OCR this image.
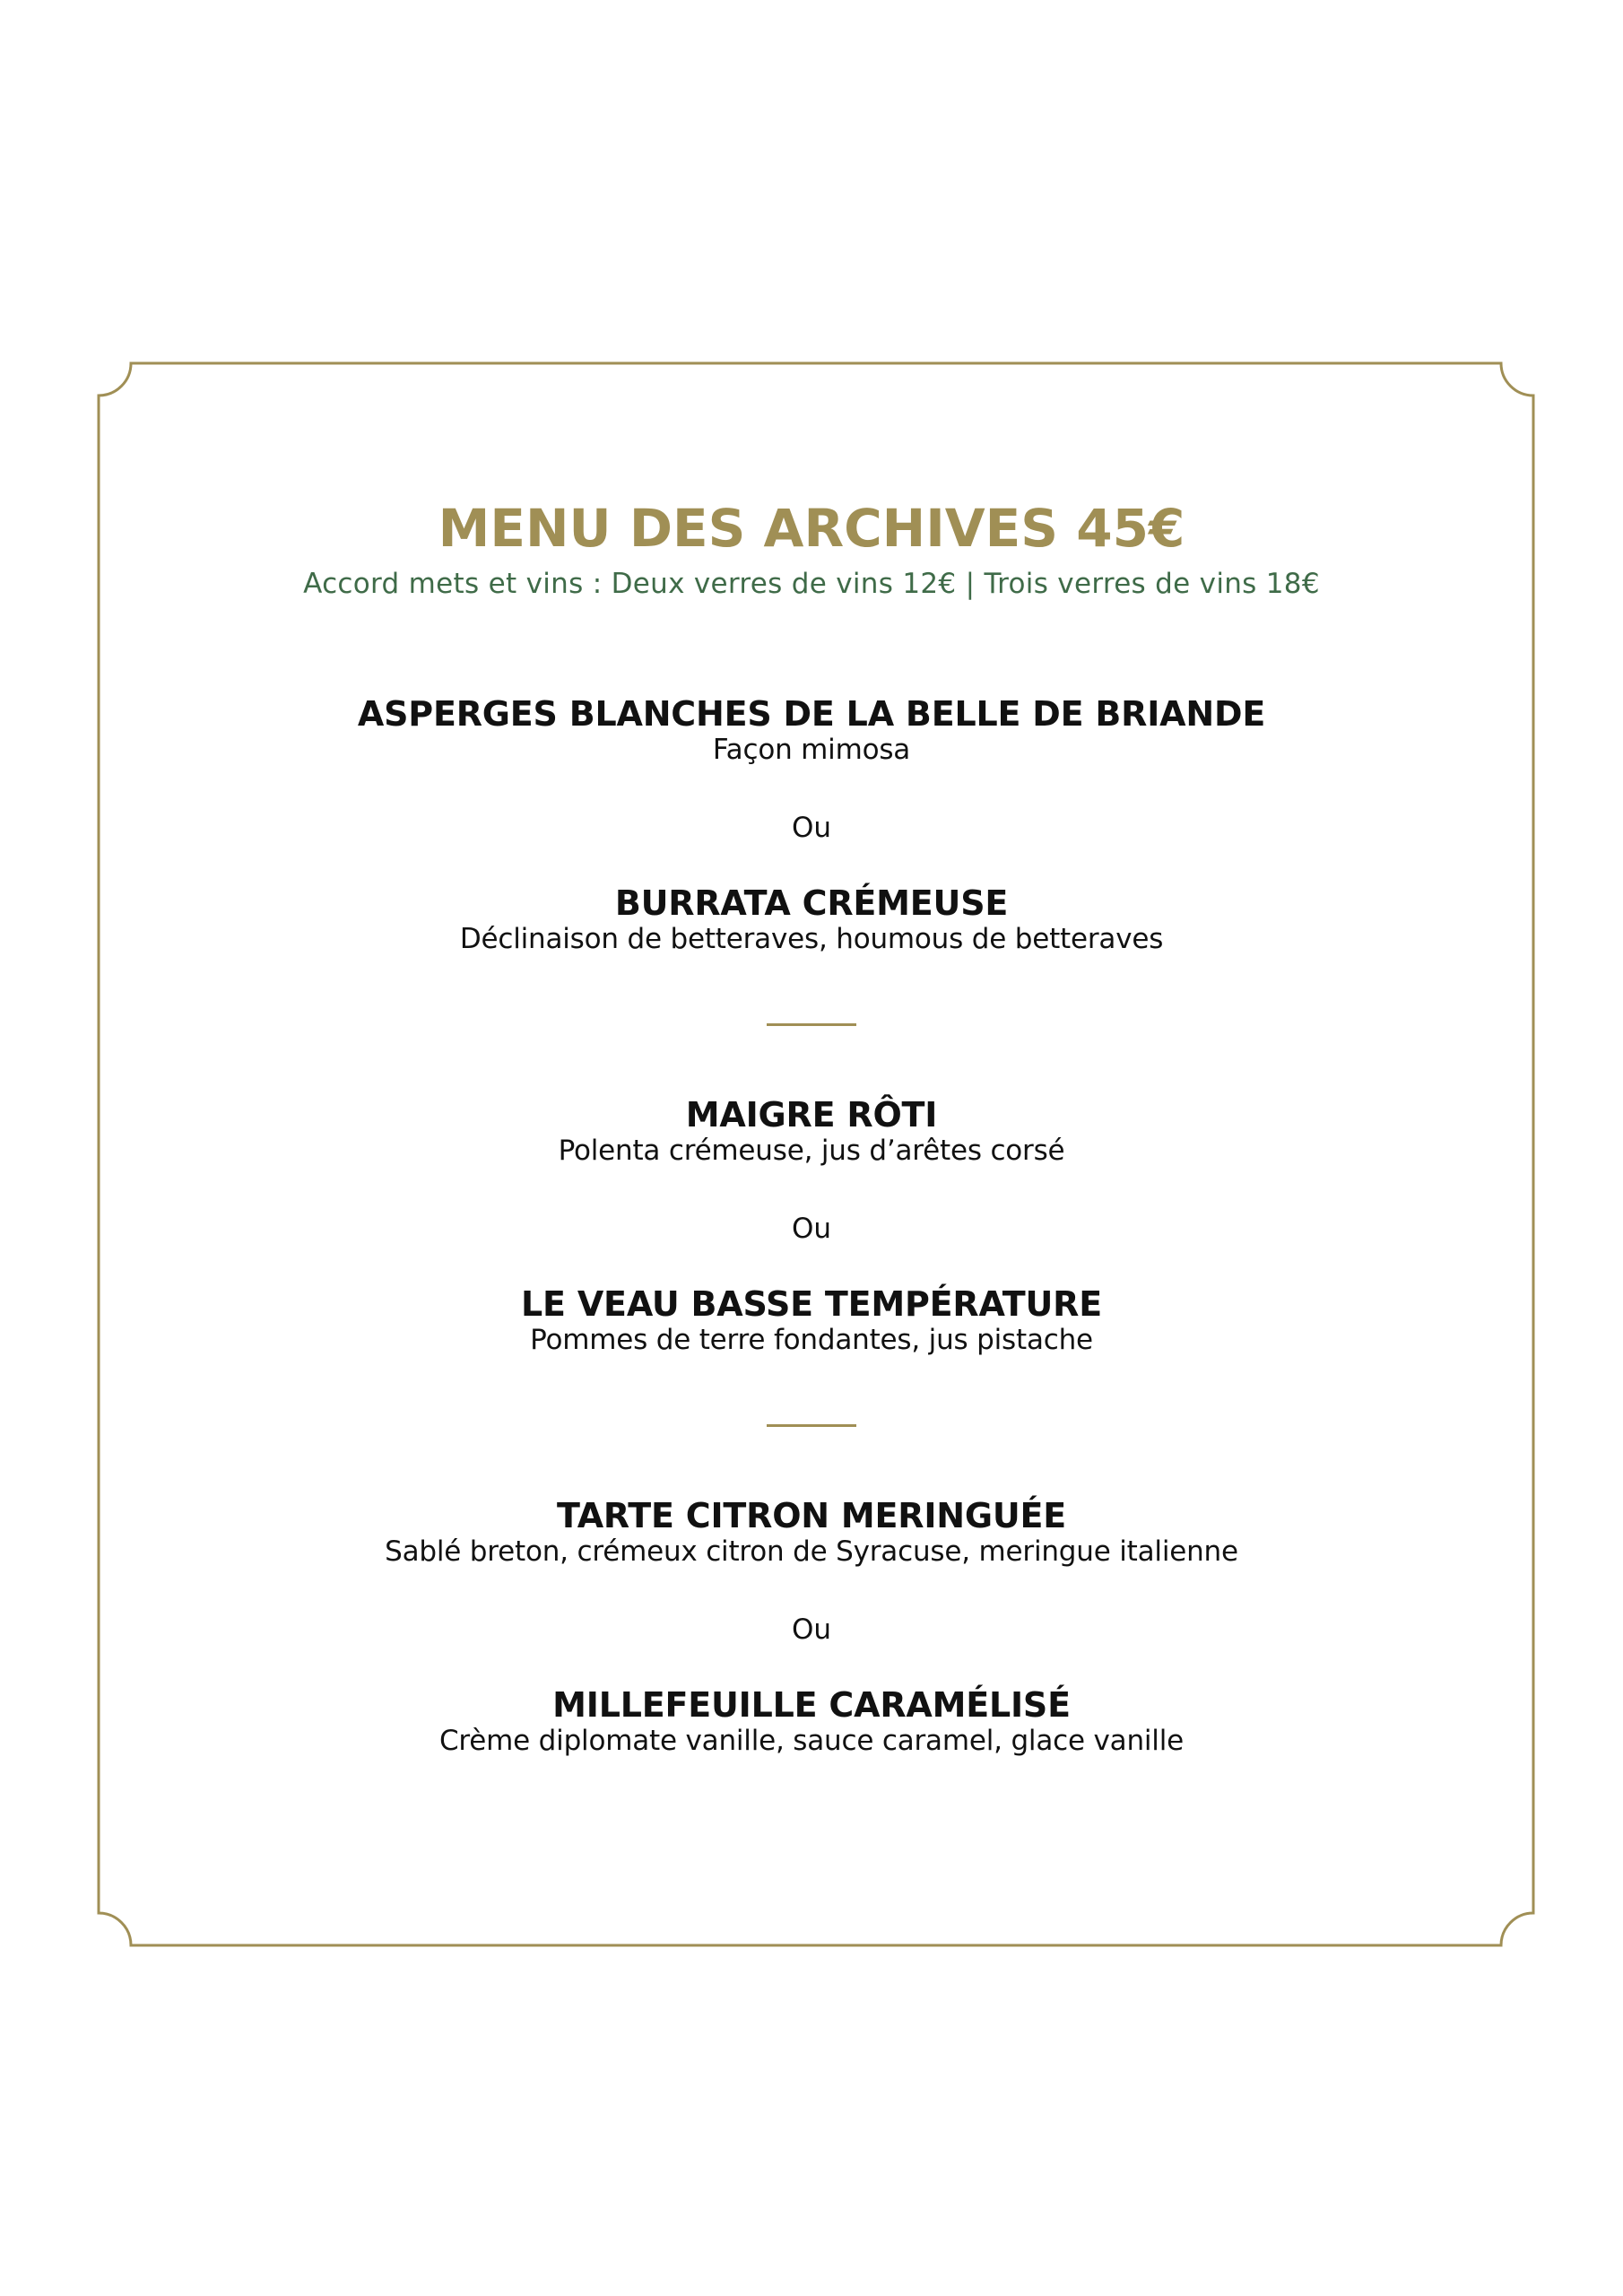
MENU DES ARCHIVES 45€

Accord mets et vins : Deux verres de vins 12€ | Trois verres de vins 18€

ASPERGES BLANCHES DE LA BELLE DE BRIANDE

Façon mimosa

Ou

BURRATA CRÉMEUSE

Déclinaison de betteraves, houmous de betteraves

MAIGRE RÔTI

Polenta crémeuse, jus d’arêtes corsé

Ou

LE VEAU BASSE TEMPÉRATURE

Pommes de terre fondantes, jus pistache

TARTE CITRON MERINGUÉE

Sablé breton, crémeux citron de Syracuse, meringue italienne

Ou

MILLEFEUILLE CARAMÉLISÉ

Crème diplomate vanille, sauce caramel, glace vanille
